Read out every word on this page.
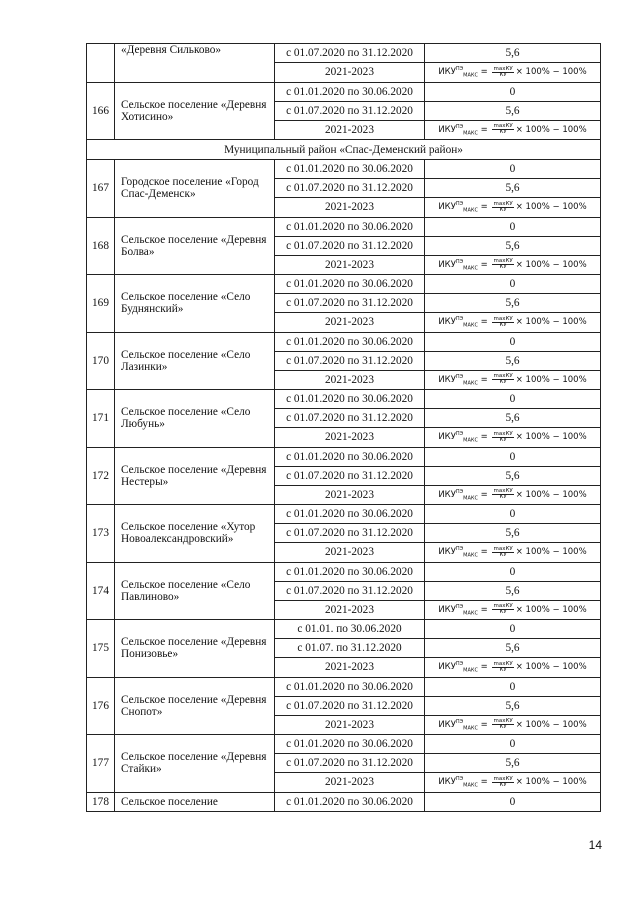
	«Деревня Сильково»	с 01.07.2020 по 31.12.2020	5,6
		2021-2023	$ИКУ^{ПЭ}_{МАКС} = \frac{\max КУ}{КУ} \times 100\% - 100\%$

166	Сельское поселение «Деревня Хотисино»	с 01.01.2020 по 30.06.2020	0
		с 01.07.2020 по 31.12.2020	5,6
		2021-2023	$ИКУ^{ПЭ}_{МАКС} = \frac{\max КУ}{КУ} \times 100\% - 100\%$

Муниципальный район «Спас-Деменский район»			
167	Городское поселение «Город Спас-Деменск»	с 01.01.2020 по 30.06.2020	0
		с 01.07.2020 по 31.12.2020	5,6
		2021-2023	$ИКУ^{ПЭ}_{МАКС} = \frac{\max КУ}{КУ} \times 100\% - 100\%$

168	Сельское поселение «Деревня Болва»	с 01.01.2020 по 30.06.2020	0
		с 01.07.2020 по 31.12.2020	5,6
		2021-2023	$ИКУ^{ПЭ}_{МАКС} = \frac{\max КУ}{КУ} \times 100\% - 100\%$

169	Сельское поселение «Село Буднянский»	с 01.01.2020 по 30.06.2020	0
		с 01.07.2020 по 31.12.2020	5,6
		2021-2023	$ИКУ^{ПЭ}_{МАКС} = \frac{\max КУ}{КУ} \times 100\% - 100\%$

170	Сельское поселение «Село Лазинки»	с 01.01.2020 по 30.06.2020	0
		с 01.07.2020 по 31.12.2020	5,6
		2021-2023	$ИКУ^{ПЭ}_{МАКС} = \frac{\max КУ}{КУ} \times 100\% - 100\%$

171	Сельское поселение «Село Любунь»	с 01.01.2020 по 30.06.2020	0
		с 01.07.2020 по 31.12.2020	5,6
		2021-2023	$ИКУ^{ПЭ}_{МАКС} = \frac{\max КУ}{КУ} \times 100\% - 100\%$

172	Сельское поселение «Деревня Нестеры»	с 01.01.2020 по 30.06.2020	0
		с 01.07.2020 по 31.12.2020	5,6
		2021-2023	$ИКУ^{ПЭ}_{МАКС} = \frac{\max КУ}{КУ} \times 100\% - 100\%$

173	Сельское поселение «Хутор Новоалександровский»	с 01.01.2020 по 30.06.2020	0
		с 01.07.2020 по 31.12.2020	5,6
		2021-2023	$ИКУ^{ПЭ}_{МАКС} = \frac{\max КУ}{КУ} \times 100\% - 100\%$

174	Сельское поселение «Село Павлиново»	с 01.01.2020 по 30.06.2020	0
		с 01.07.2020 по 31.12.2020	5,6
		2021-2023	$ИКУ^{ПЭ}_{МАКС} = \frac{\max КУ}{КУ} \times 100\% - 100\%$

175	Сельское поселение «Деревня Понизовье»	с 01.01. по 30.06.2020	0
		с 01.07. по 31.12.2020	5,6
		2021-2023	$ИКУ^{ПЭ}_{МАКС} = \frac{\max КУ}{КУ} \times 100\% - 100\%$

176	Сельское поселение «Деревня Снопот»	с 01.01.2020 по 30.06.2020	0
		с 01.07.2020 по 31.12.2020	5,6
		2021-2023	$ИКУ^{ПЭ}_{МАКС} = \frac{\max КУ}{КУ} \times 100\% - 100\%$

177	Сельское поселение «Деревня Стайки»	с 01.01.2020 по 30.06.2020	0
		с 01.07.2020 по 31.12.2020	5,6
		2021-2023	$ИКУ^{ПЭ}_{МАКС} = \frac{\max КУ}{КУ} \times 100\% - 100\%$

178	Сельское поселение	с 01.01.2020 по 30.06.2020	0
14
